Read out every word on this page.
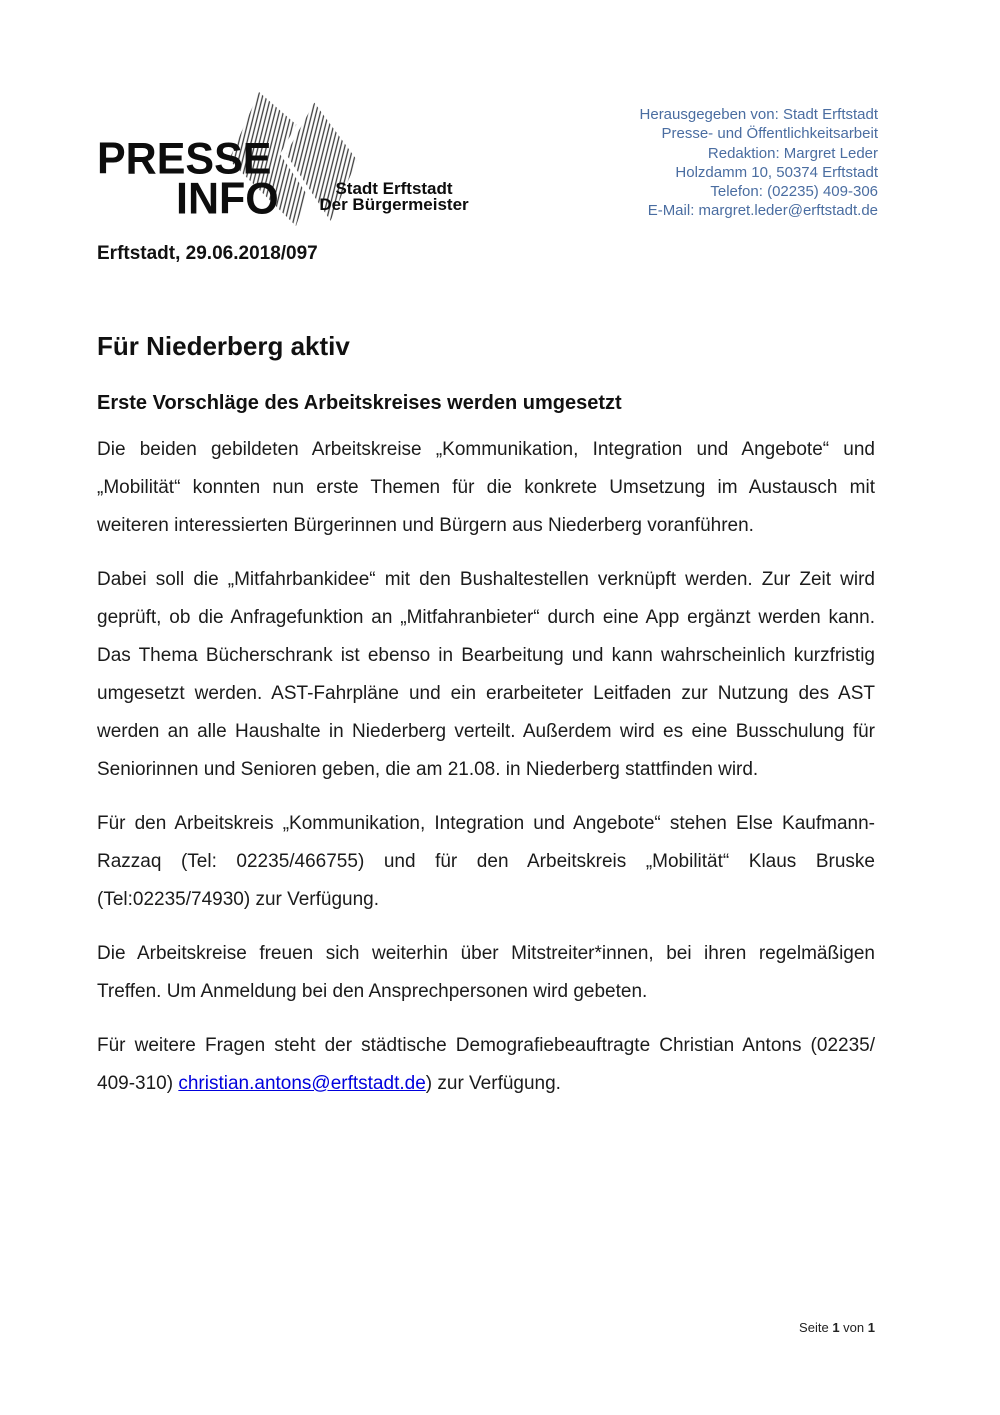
PRESSE
INFO	Stadt Erftstadt
Der Bürgermeister
Herausgegeben von: Stadt Erftstadt
Presse- und Öffentlichkeitsarbeit
Redaktion: Margret Leder
Holzdamm 10, 50374 Erftstadt
Telefon: (02235) 409-306
E-Mail: margret.leder@erftstadt.de
Erftstadt, 29.06.2018/097
Für Niederberg aktiv
Erste Vorschläge des Arbeitskreises werden umgesetzt

Die beiden gebildeten Arbeitskreise „Kommunikation, Integration und Angebote“ und „Mobilität“ konnten nun erste Themen für die konkrete Umsetzung im Austausch mit weiteren interessierten Bürgerinnen und Bürgern aus Niederberg voranführen.

Dabei soll die „Mitfahrbankidee“ mit den Bushaltestellen verknüpft werden. Zur Zeit wird geprüft, ob die Anfragefunktion an „Mitfahranbieter“ durch eine App ergänzt werden kann. Das Thema Bücherschrank ist ebenso in Bearbeitung und kann wahrscheinlich kurzfristig umgesetzt werden. AST-Fahrpläne und ein erarbeiteter Leitfaden zur Nutzung des AST werden an alle Haushalte in Niederberg verteilt. Außerdem wird es eine Busschulung für Seniorinnen und Senioren geben, die am 21.08. in Niederberg stattfinden wird.

Für den Arbeitskreis „Kommunikation, Integration und Angebote“ stehen Else Kaufmann-Razzaq (Tel: 02235/466755) und für den Arbeitskreis „Mobilität“ Klaus Bruske (Tel:02235/74930) zur Verfügung.

Die Arbeitskreise freuen sich weiterhin über Mitstreiter*innen, bei ihren regelmäßigen Treffen. Um Anmeldung bei den Ansprechpersonen wird gebeten.

Für weitere Fragen steht der städtische Demografiebeauftragte Christian Antons (02235/ 409-310) christian.antons@erftstadt.de) zur Verfügung.

Seite 1 von 1
